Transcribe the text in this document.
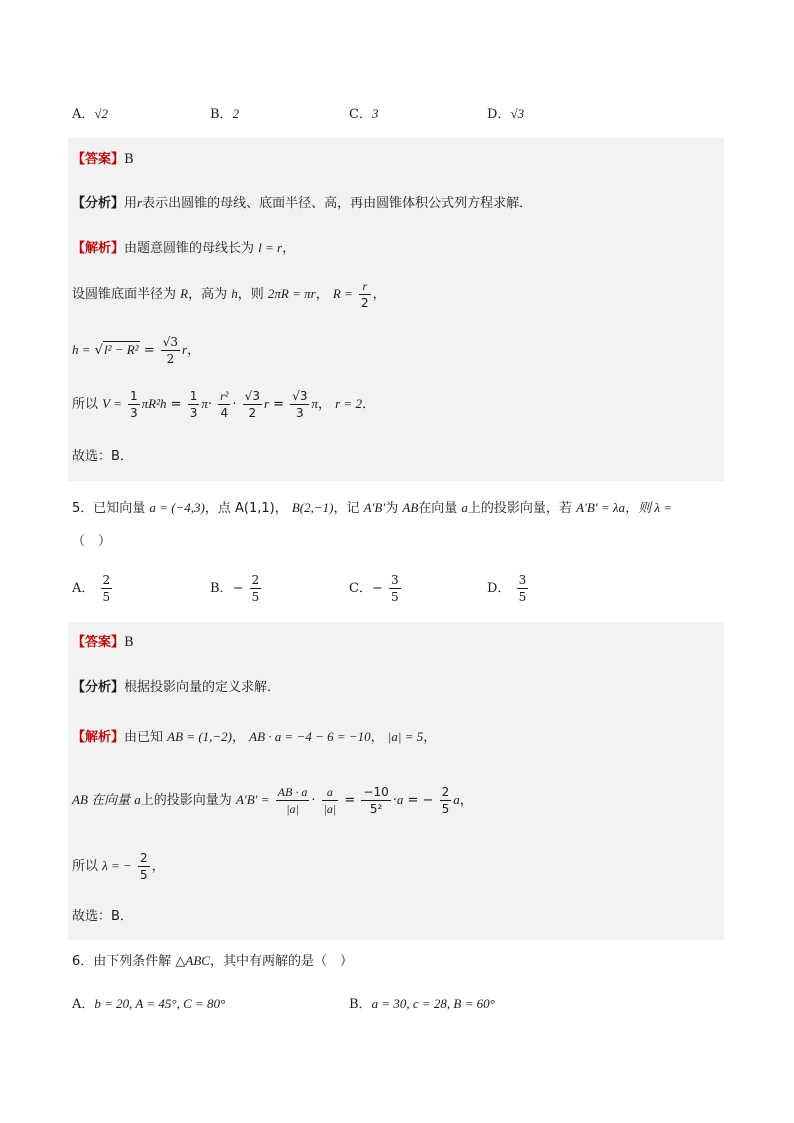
A．√2	B．2	C．3	D．√3
【答案】B
【分析】用r表示出圆锥的母线、底面半径、高，再由圆锥体积公式列方程求解．
【解析】由题意圆锥的母线长为 l = r，
设圆锥底面半径为 R，高为 h，则 2πR = πr， $R = \frac{r}{2}$ ，
$h = √l^2 - R^2 = \frac{√3}{2}$ r，
所以 $V = \frac{1}{3} \pi R^2h = \frac{1}{3} \pi\cdot \frac{\text{r²}}{4} \cdot \frac{√3}{2}$ $r = \frac{√3}{3}$ π， r = 2．
故选：B．
5．已知向量 a = (−4,3)，点 A(1,1)， B(2,−1)，记 A′B′为 AB在向量 a上的投影向量，若 A′B′ = λa，则 λ =
（　）
A． $\frac{2}{5}$	B．− $\frac{2}{5}$	C．− $\frac{3}{5}$	D． $\frac{3}{5}$
【答案】B
【分析】根据投影向量的定义求解．
【解析】由已知 AB = (1,−2)， AB · a = −4 − 6 = −10， |a| = 5，
AB 在向量 a上的投影向量为 $A'B' = \frac{AB \cdot a}{|a|} \cdot \frac{a}{|a|} = \frac{-10}{\text{5²}} \cdot a$ = − $\frac{2}{5}$ a，
所以 λ = − $\frac{2}{5}$ ，
故选：B．
6．由下列条件解 △ABC，其中有两解的是（　）
A．b = 20, A = 45°, C = 80°	B．a = 30, c = 28, B = 60°
